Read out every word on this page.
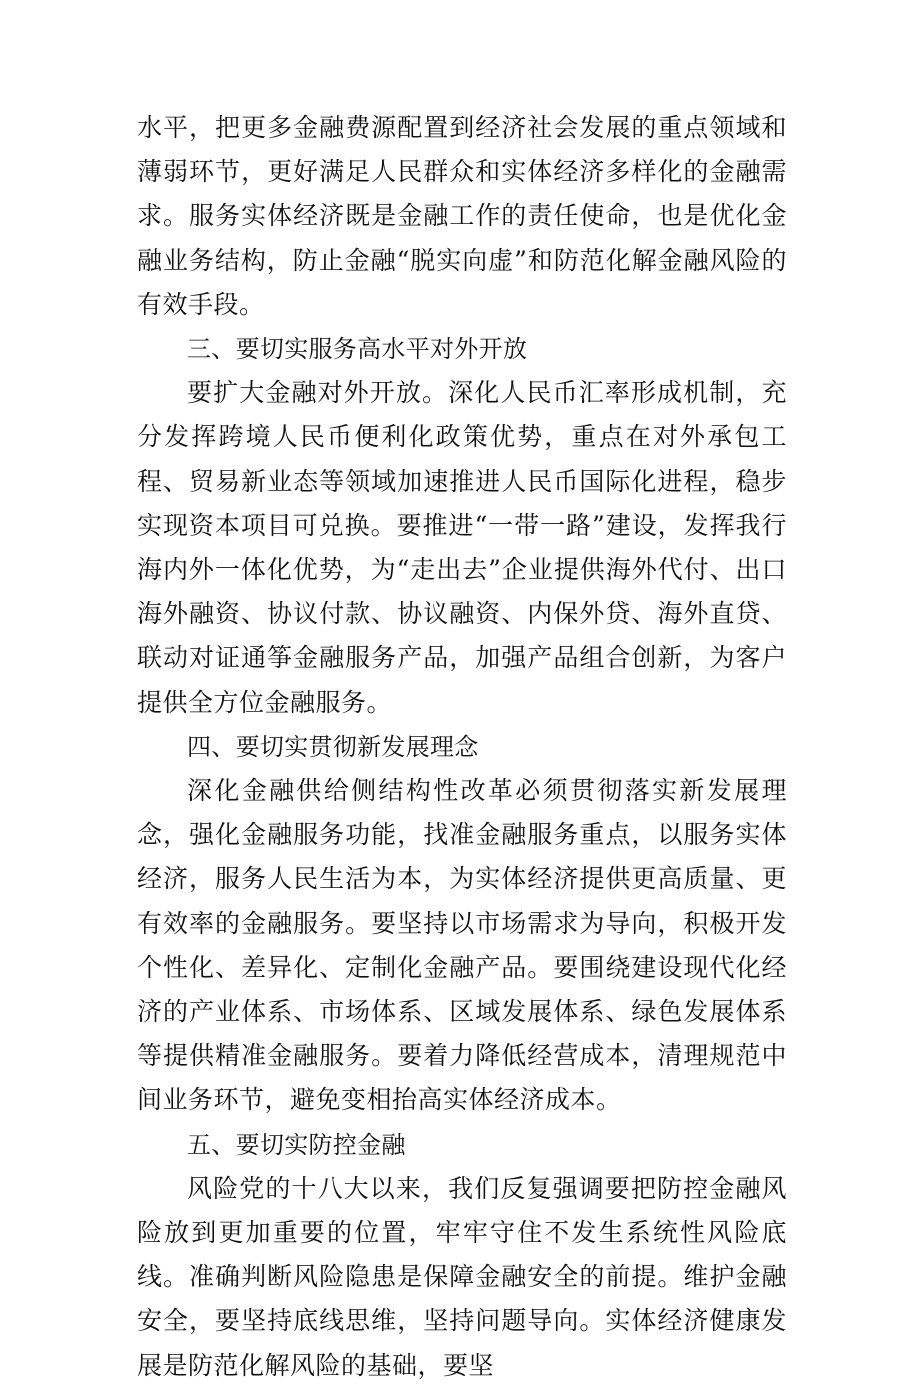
水平，把更多金融费源配置到经济社会发展的重点领域和薄弱环节，更好满足人民群众和实体经济多样化的金融需求。服务实体经济既是金融工作的责任使命，也是优化金融业务结构，防止金融“脱实向虚”和防范化解金融风险的有效手段。

三、要切实服务高水平对外开放

要扩大金融对外开放。深化人民币汇率形成机制，充分发挥跨境人民币便利化政策优势，重点在对外承包工程、贸易新业态等领域加速推进人民币国际化进程，稳步实现资本项目可兑换。要推进“一带一路”建设，发挥我行海内外一体化优势，为“走出去”企业提供海外代付、出口海外融资、协议付款、协议融资、内保外贷、海外直贷、联动对证通筝金融服务产品，加强产品组合创新，为客户提供全方位金融服务。

四、要切实贯彻新发展理念

深化金融供给侧结构性改革必须贯彻落实新发展理念，强化金融服务功能，找准金融服务重点，以服务实体经济，服务人民生活为本，为实体经济提供更高质量、更有效率的金融服务。要坚持以市场需求为导向，积极开发个性化、差异化、定制化金融产品。要围绕建设现代化经济的产业体系、市场体系、区域发展体系、绿色发展体系等提供精准金融服务。要着力降低经营成本，清理规范中间业务环节，避免变相抬高实体经济成本。

五、要切实防控金融

风险党的十八大以来，我们反复强调要把防控金融风险放到更加重要的位置，牢牢守住不发生系统性风险底线。准确判断风险隐患是保障金融安全的前提。维护金融安全，要坚持底线思维，坚持问题导向。实体经济健康发展是防范化解风险的基础，要坚
